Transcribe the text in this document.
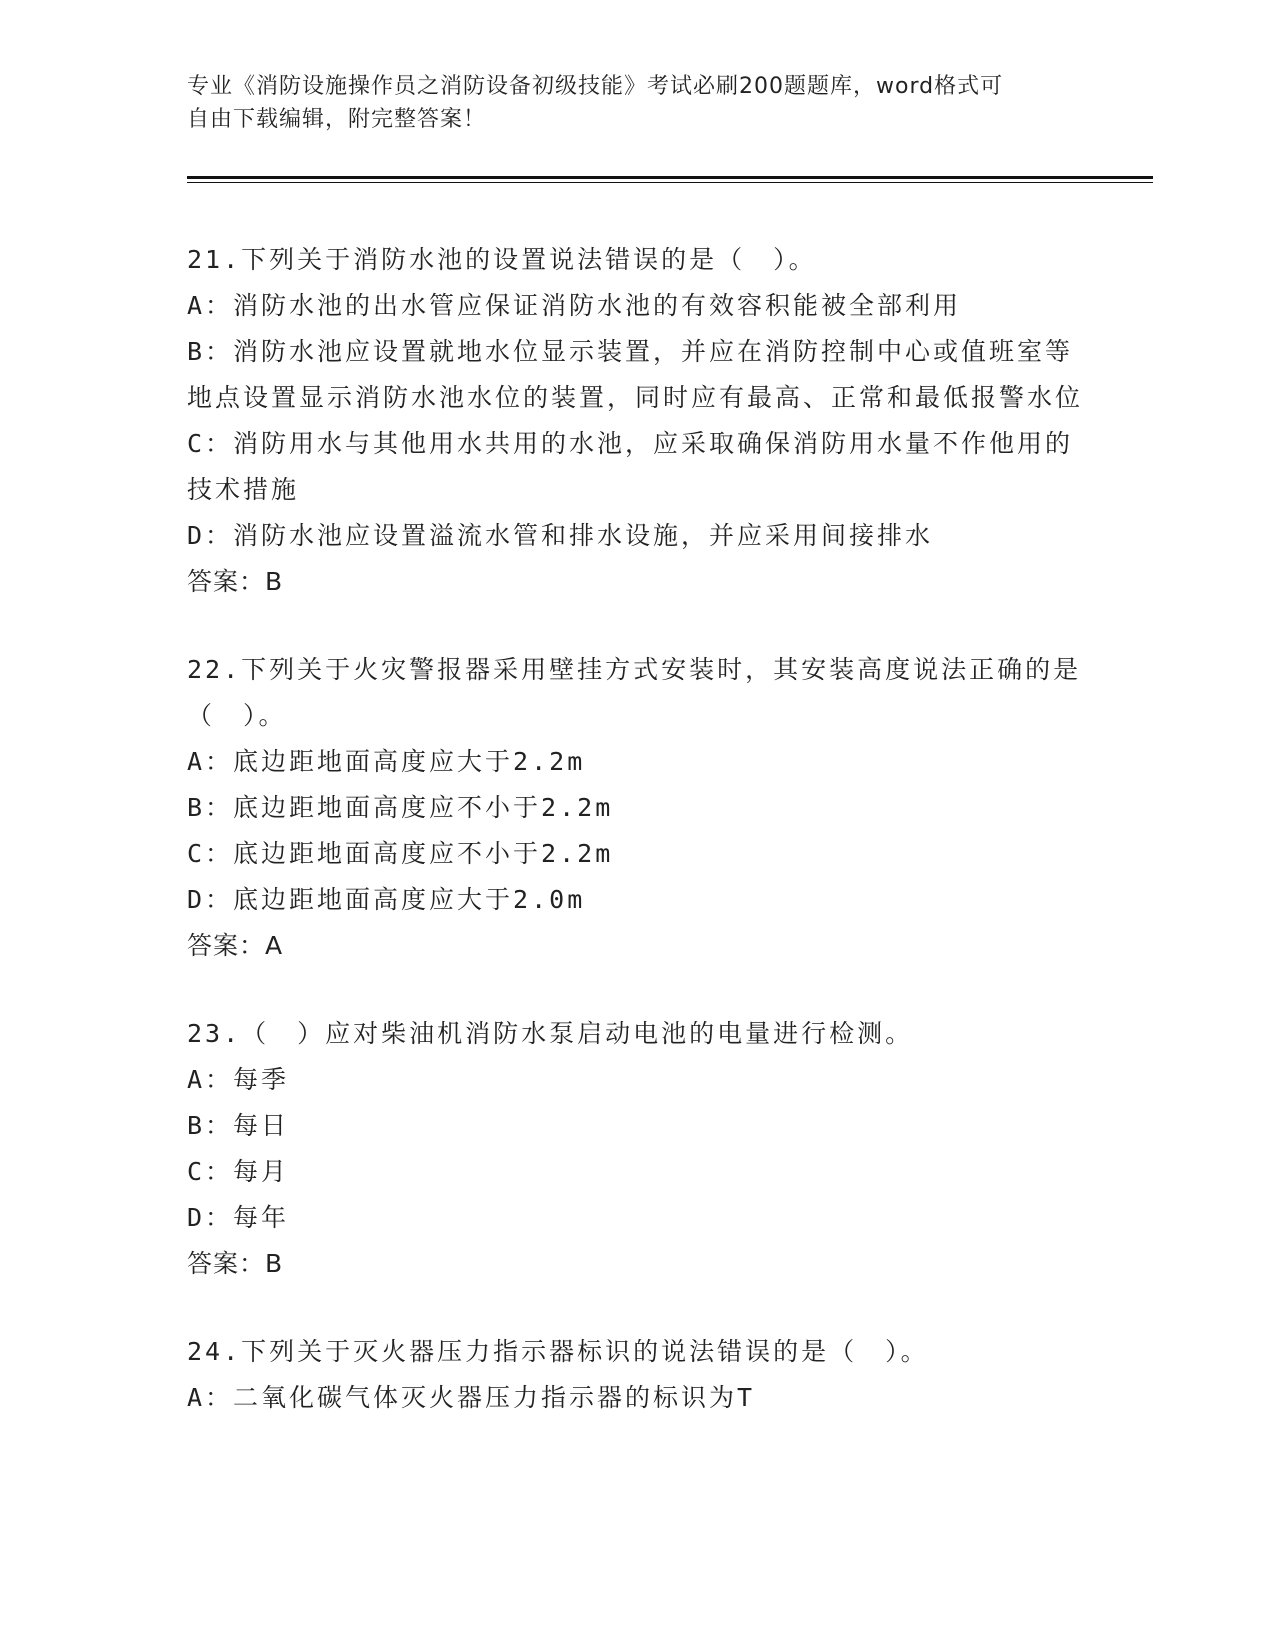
专业《消防设施操作员之消防设备初级技能》考试必刷200题题库，word格式可
自由下载编辑，附完整答案！

21.下列关于消防水池的设置说法错误的是（　）。

A：消防水池的出水管应保证消防水池的有效容积能被全部利用

B：消防水池应设置就地水位显示装置，并应在消防控制中心或值班室等地点设置显示消防水池水位的装置，同时应有最高、正常和最低报警水位

C：消防用水与其他用水共用的水池，应采取确保消防用水量不作他用的技术措施

D：消防水池应设置溢流水管和排水设施，并应采用间接排水

答案：B

22.下列关于火灾警报器采用壁挂方式安装时，其安装高度说法正确的是（　）。

A：底边距地面高度应大于2.2m

B：底边距地面高度应不小于2.2m

C：底边距地面高度应不小于2.2m

D：底边距地面高度应大于2.0m

答案：A

23.（　）应对柴油机消防水泵启动电池的电量进行检测。

A：每季

B：每日

C：每月

D：每年

答案：B

24.下列关于灭火器压力指示器标识的说法错误的是（　）。

A：二氧化碳气体灭火器压力指示器的标识为T
